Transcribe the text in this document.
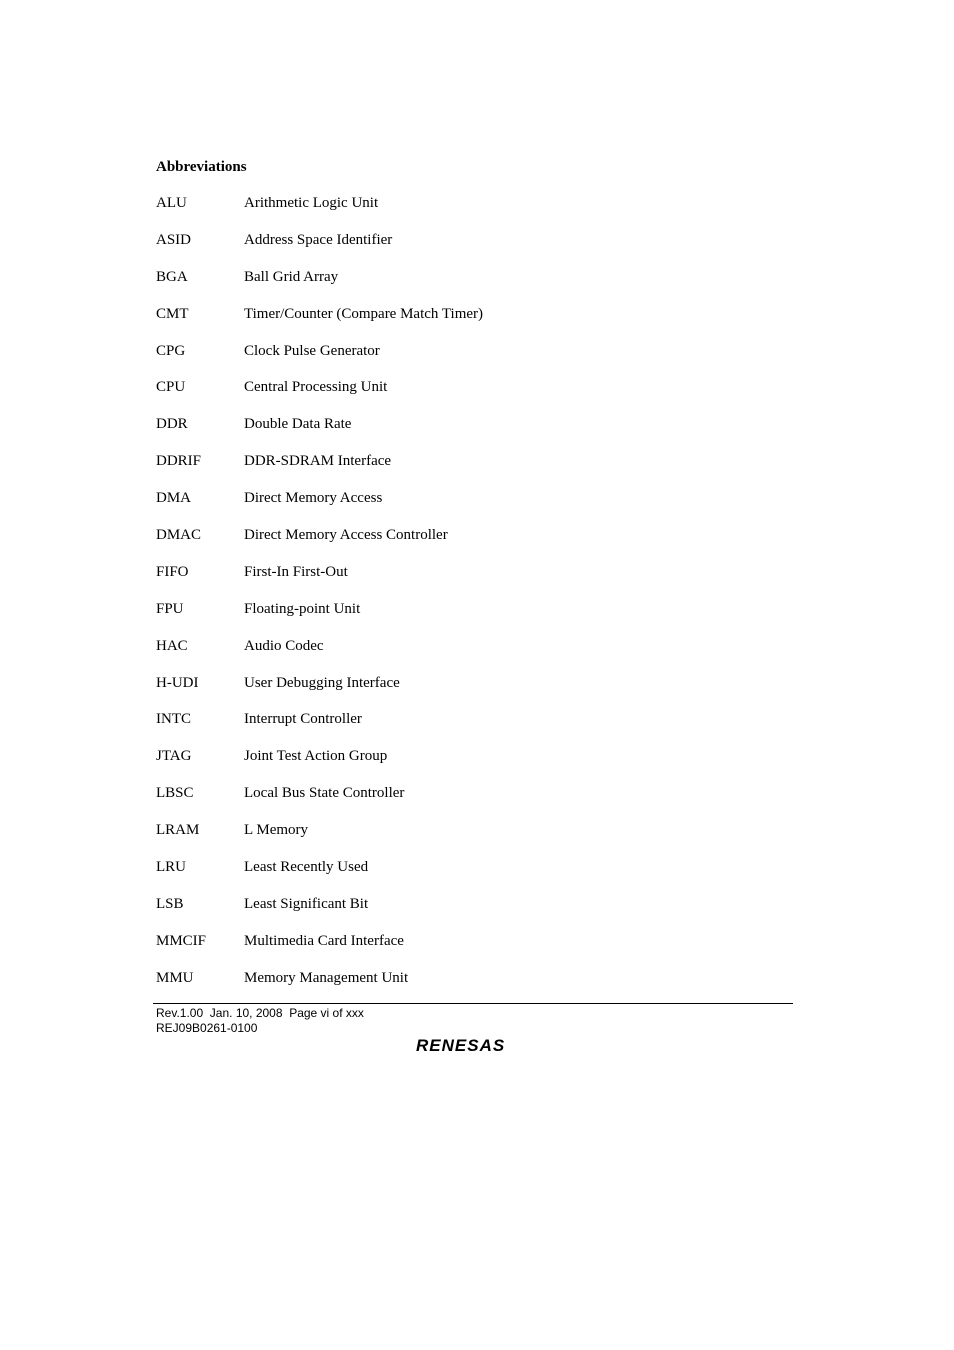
Abbreviations
ALU	Arithmetic Logic Unit
ASID	Address Space Identifier
BGA	Ball Grid Array
CMT	Timer/Counter (Compare Match Timer)
CPG	Clock Pulse Generator
CPU	Central Processing Unit
DDR	Double Data Rate
DDRIF	DDR-SDRAM Interface
DMA	Direct Memory Access
DMAC	Direct Memory Access Controller
FIFO	First-In First-Out
FPU	Floating-point Unit
HAC	Audio Codec
H-UDI	User Debugging Interface
INTC	Interrupt Controller
JTAG	Joint Test Action Group
LBSC	Local Bus State Controller
LRAM	L Memory
LRU	Least Recently Used
LSB	Least Significant Bit
MMCIF	Multimedia Card Interface
MMU	Memory Management Unit
Rev.1.00  Jan. 10, 2008  Page vi of xxx
REJ09B0261-0100
RENESAS
